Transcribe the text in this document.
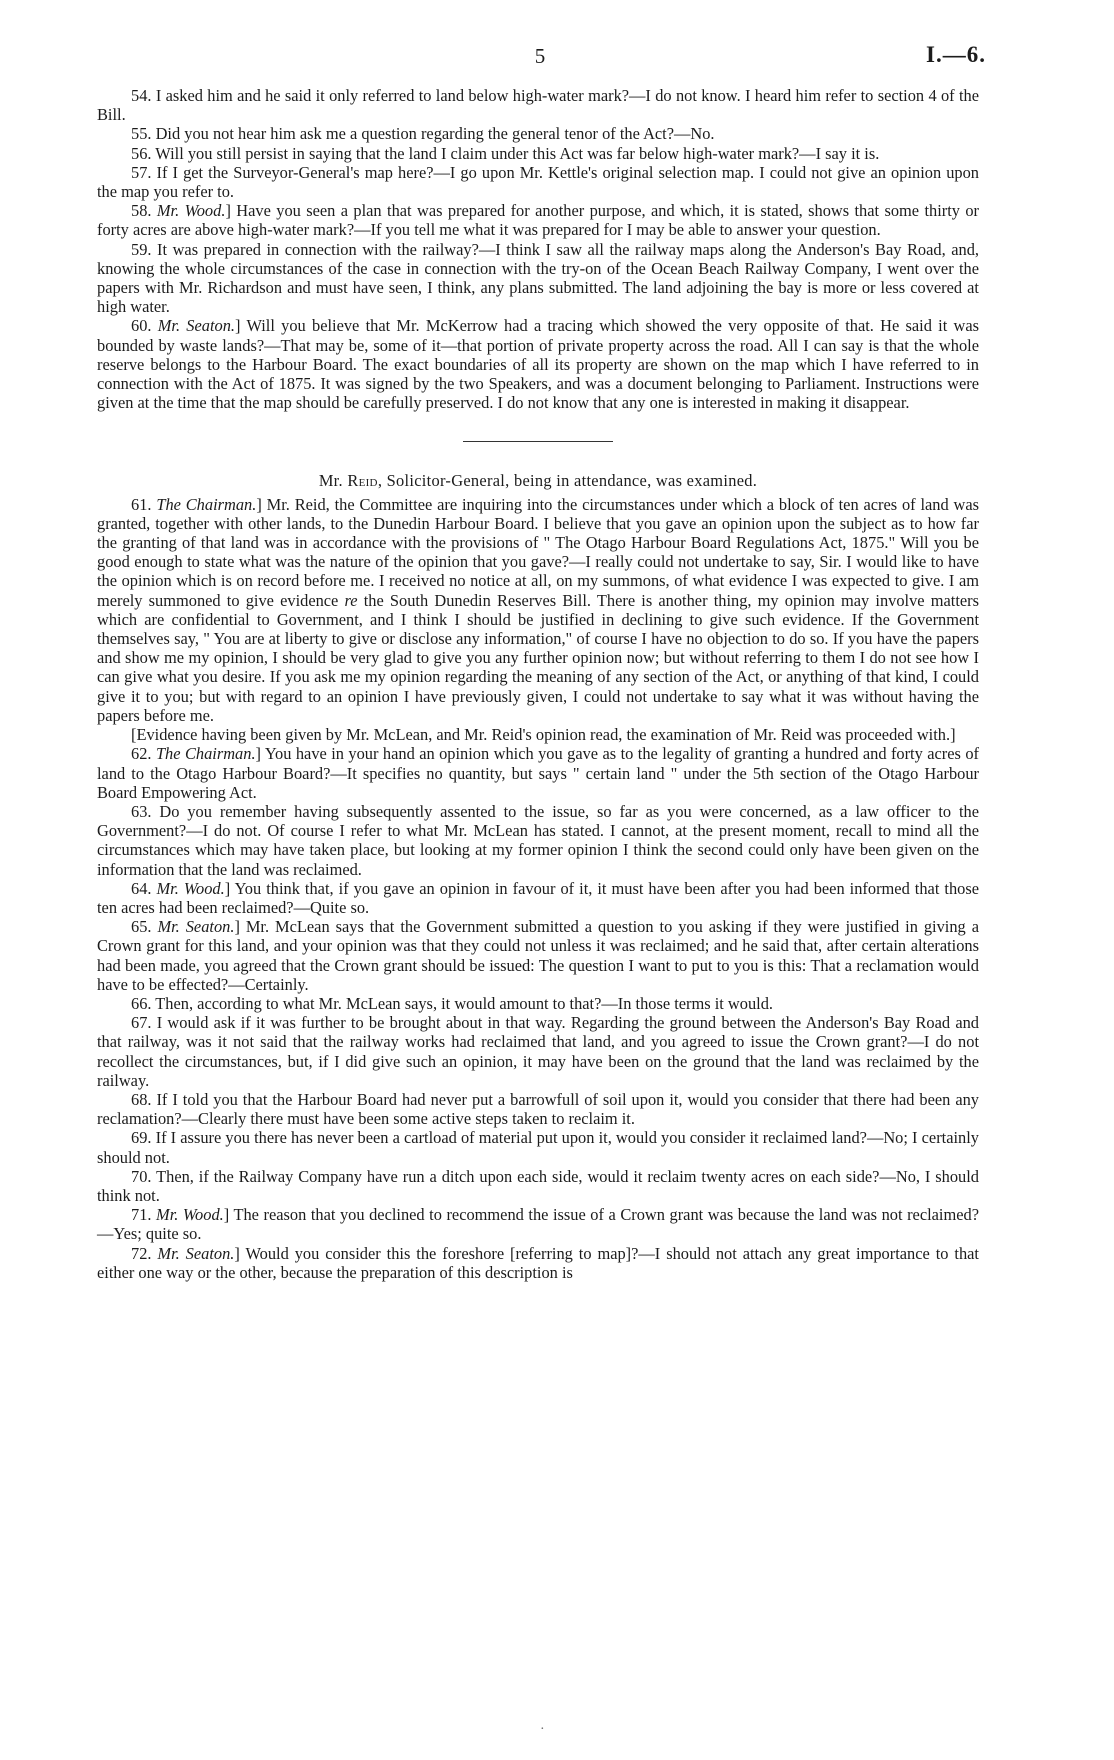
5	I.—6.

54. I asked him and he said it only referred to land below high-water mark?—I do not know. I heard him refer to section 4 of the Bill.

55. Did you not hear him ask me a question regarding the general tenor of the Act?—No.

56. Will you still persist in saying that the land I claim under this Act was far below high-water mark?—I say it is.

57. If I get the Surveyor-General's map here?—I go upon Mr. Kettle's original selection map. I could not give an opinion upon the map you refer to.

58. Mr. Wood.] Have you seen a plan that was prepared for another purpose, and which, it is stated, shows that some thirty or forty acres are above high-water mark?—If you tell me what it was prepared for I may be able to answer your question.

59. It was prepared in connection with the railway?—I think I saw all the railway maps along the Anderson's Bay Road, and, knowing the whole circumstances of the case in connection with the try-on of the Ocean Beach Railway Company, I went over the papers with Mr. Richardson and must have seen, I think, any plans submitted. The land adjoining the bay is more or less covered at high water.

60. Mr. Seaton.] Will you believe that Mr. McKerrow had a tracing which showed the very opposite of that. He said it was bounded by waste lands?—That may be, some of it—that portion of private property across the road. All I can say is that the whole reserve belongs to the Harbour Board. The exact boundaries of all its property are shown on the map which I have referred to in connection with the Act of 1875. It was signed by the two Speakers, and was a document belonging to Parliament. Instructions were given at the time that the map should be carefully preserved. I do not know that any one is interested in making it disappear.

Mr. Reid, Solicitor-General, being in attendance, was examined.

61. The Chairman.] Mr. Reid, the Committee are inquiring into the circumstances under which a block of ten acres of land was granted, together with other lands, to the Dunedin Harbour Board. I believe that you gave an opinion upon the subject as to how far the granting of that land was in accordance with the provisions of " The Otago Harbour Board Regulations Act, 1875." Will you be good enough to state what was the nature of the opinion that you gave?—I really could not undertake to say, Sir. I would like to have the opinion which is on record before me. I received no notice at all, on my summons, of what evidence I was expected to give. I am merely summoned to give evidence re the South Dunedin Reserves Bill. There is another thing, my opinion may involve matters which are confidential to Government, and I think I should be justified in declining to give such evidence. If the Government themselves say, " You are at liberty to give or disclose any information," of course I have no objection to do so. If you have the papers and show me my opinion, I should be very glad to give you any further opinion now; but without referring to them I do not see how I can give what you desire. If you ask me my opinion regarding the meaning of any section of the Act, or anything of that kind, I could give it to you; but with regard to an opinion I have previously given, I could not undertake to say what it was without having the papers before me.

[Evidence having been given by Mr. McLean, and Mr. Reid's opinion read, the examination of Mr. Reid was proceeded with.]

62. The Chairman.] You have in your hand an opinion which you gave as to the legality of granting a hundred and forty acres of land to the Otago Harbour Board?—It specifies no quantity, but says " certain land " under the 5th section of the Otago Harbour Board Empowering Act.

63. Do you remember having subsequently assented to the issue, so far as you were concerned, as a law officer to the Government?—I do not. Of course I refer to what Mr. McLean has stated. I cannot, at the present moment, recall to mind all the circumstances which may have taken place, but looking at my former opinion I think the second could only have been given on the information that the land was reclaimed.

64. Mr. Wood.] You think that, if you gave an opinion in favour of it, it must have been after you had been informed that those ten acres had been reclaimed?—Quite so.

65. Mr. Seaton.] Mr. McLean says that the Government submitted a question to you asking if they were justified in giving a Crown grant for this land, and your opinion was that they could not unless it was reclaimed; and he said that, after certain alterations had been made, you agreed that the Crown grant should be issued: The question I want to put to you is this: That a reclamation would have to be effected?—Certainly.

66. Then, according to what Mr. McLean says, it would amount to that?—In those terms it would.

67. I would ask if it was further to be brought about in that way. Regarding the ground between the Anderson's Bay Road and that railway, was it not said that the railway works had reclaimed that land, and you agreed to issue the Crown grant?—I do not recollect the circumstances, but, if I did give such an opinion, it may have been on the ground that the land was reclaimed by the railway.

68. If I told you that the Harbour Board had never put a barrowfull of soil upon it, would you consider that there had been any reclamation?—Clearly there must have been some active steps taken to reclaim it.

69. If I assure you there has never been a cartload of material put upon it, would you consider it reclaimed land?—No; I certainly should not.

70. Then, if the Railway Company have run a ditch upon each side, would it reclaim twenty acres on each side?—No, I should think not.

71. Mr. Wood.] The reason that you declined to recommend the issue of a Crown grant was because the land was not reclaimed?—Yes; quite so.

72. Mr. Seaton.] Would you consider this the foreshore [referring to map]?—I should not attach any great importance to that either one way or the other, because the preparation of this description is

·
